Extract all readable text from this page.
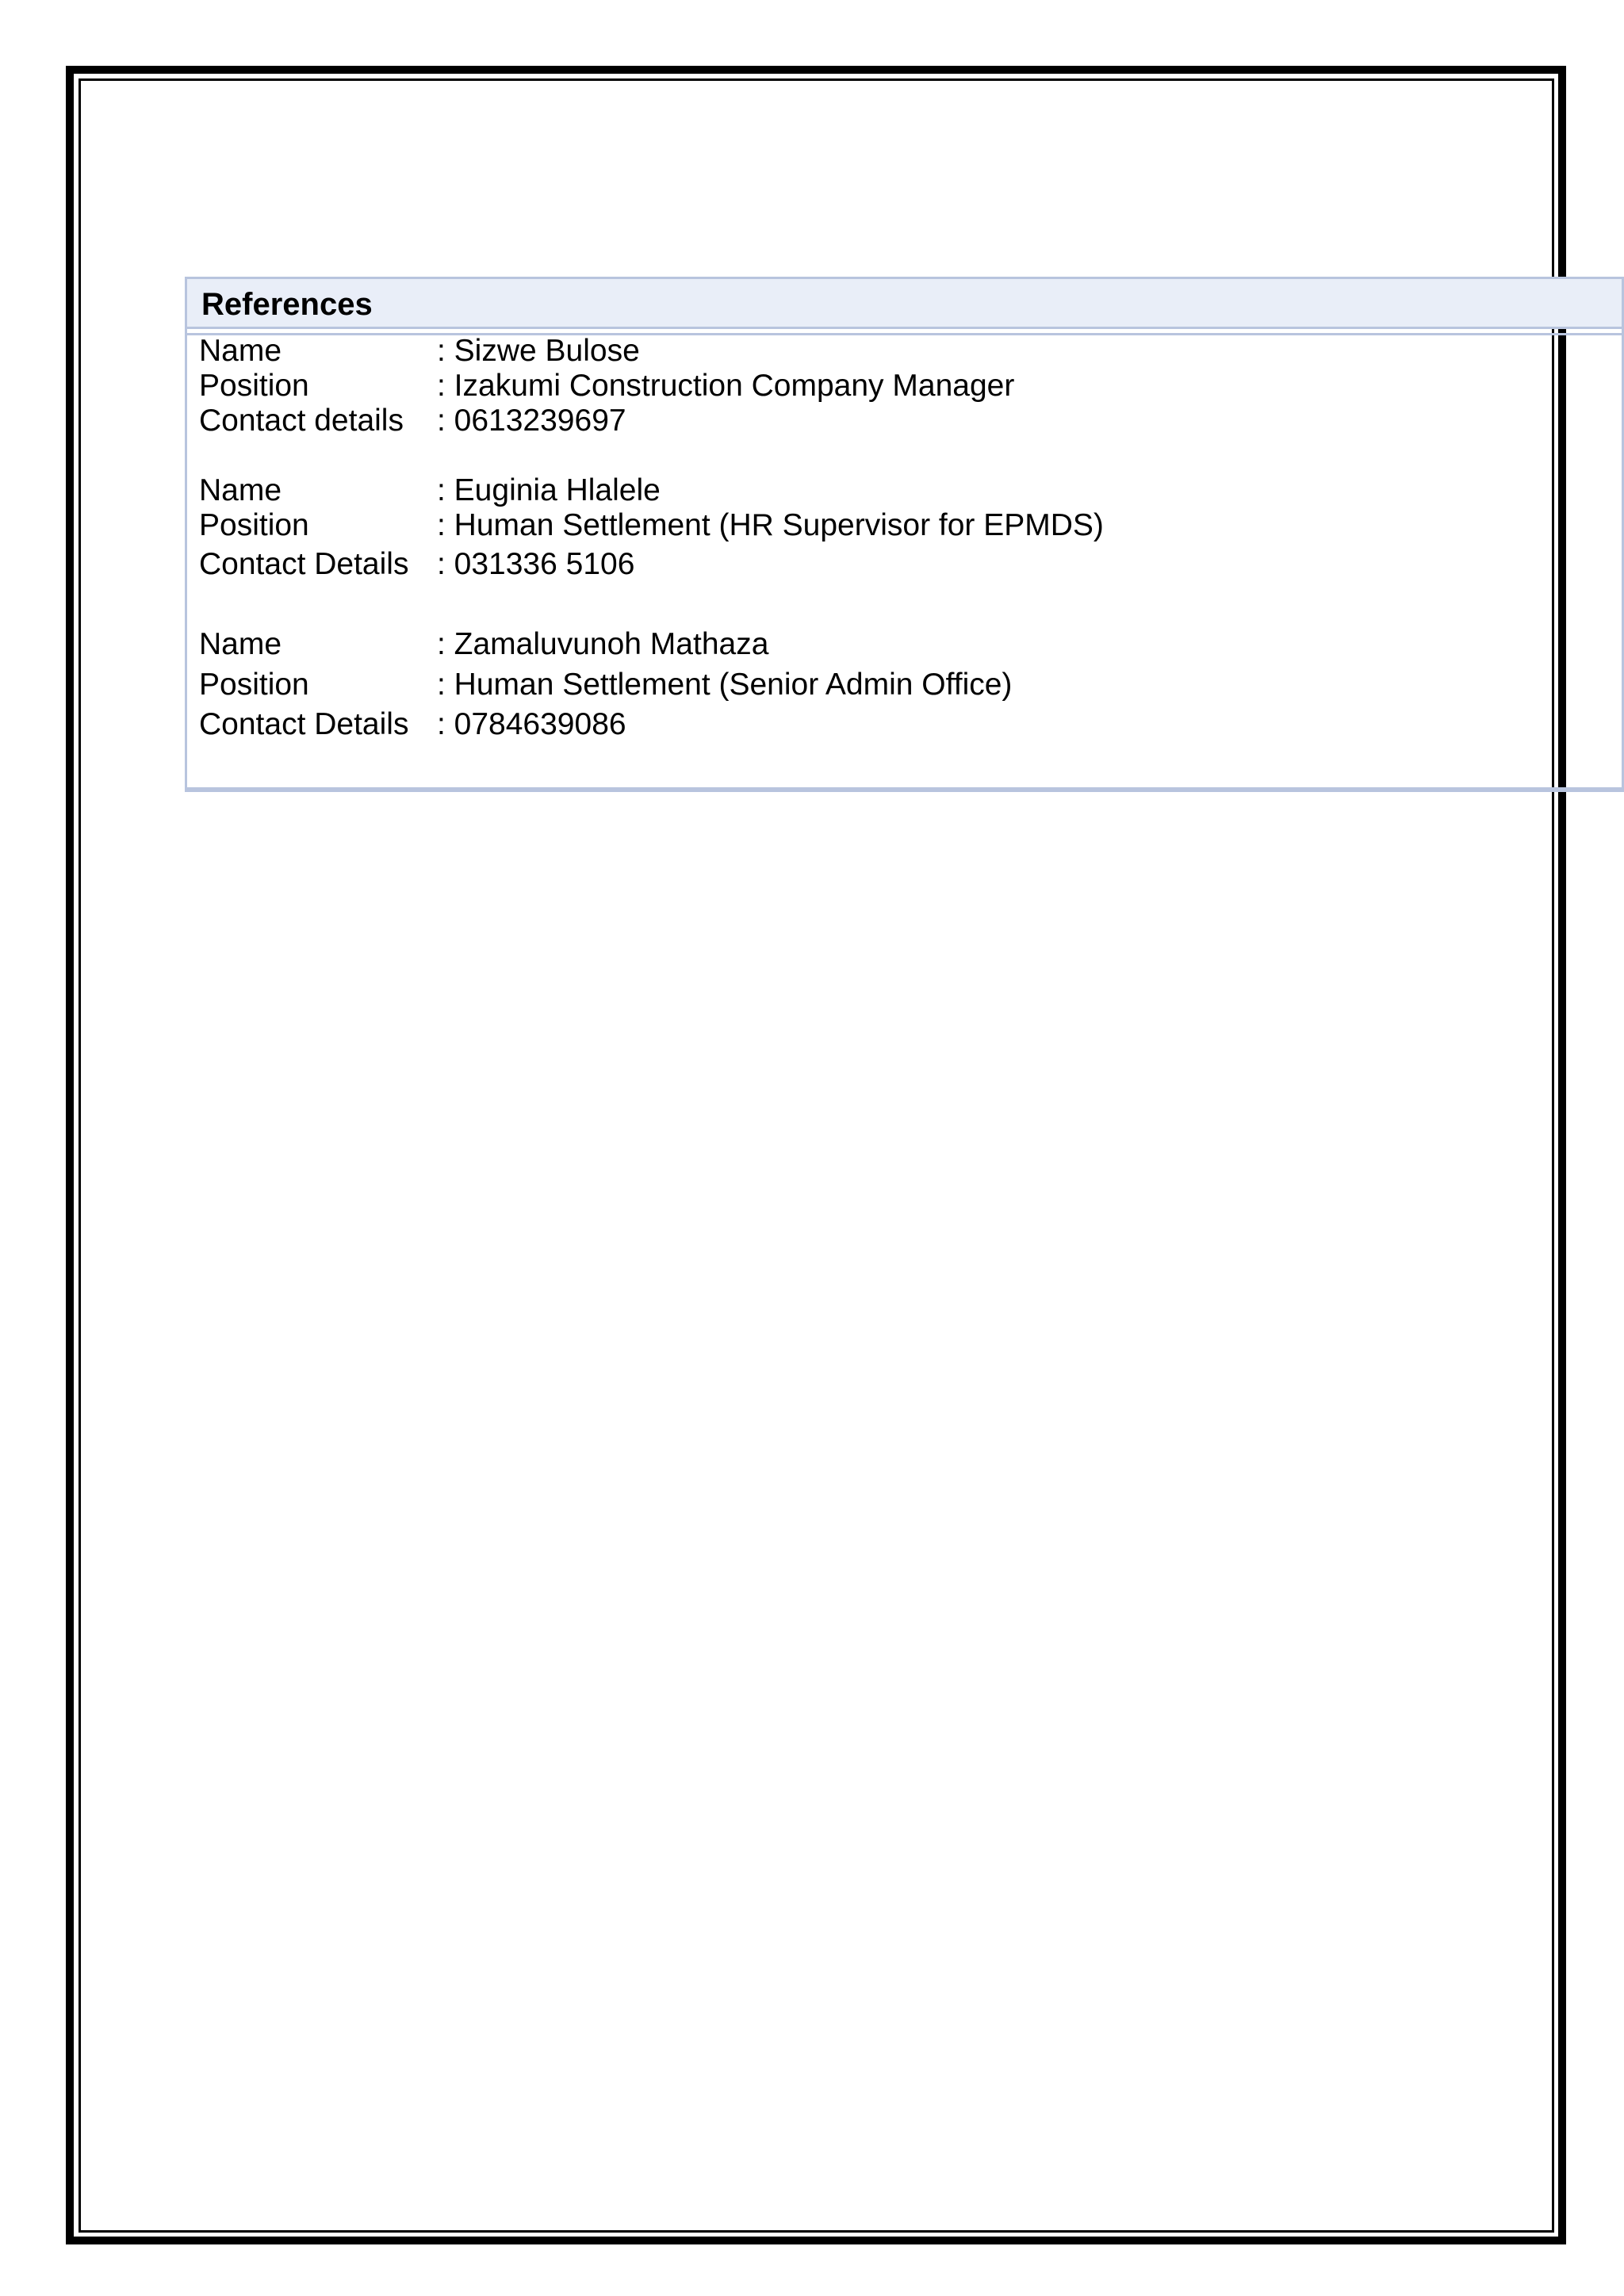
References
Name	: Sizwe Bulose
Position	: Izakumi Construction Company Manager
Contact details : 0613239697
Name	: Euginia Hlalele
Position	: Human Settlement (HR Supervisor for EPMDS)
Contact Details : 031336 5106
Name	: Zamaluvunoh Mathaza
Position	: Human Settlement (Senior Admin Office)
Contact Details : 0784639086
